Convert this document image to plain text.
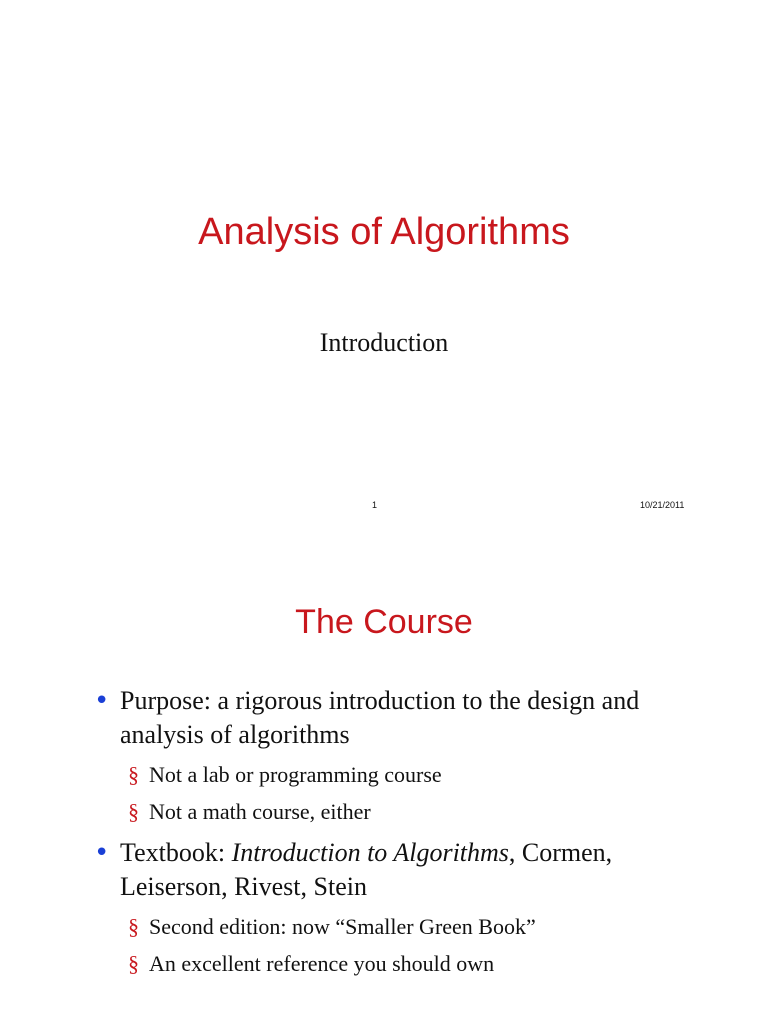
Analysis of Algorithms
Introduction
1	10/21/2011
The Course
• Purpose: a rigorous introduction to the design and analysis of algorithms
§ Not a lab or programming course
§ Not a math course, either
• Textbook: Introduction to Algorithms, Cormen, Leiserson, Rivest, Stein
§ Second edition: now “Smaller Green Book”
§ An excellent reference you should own
